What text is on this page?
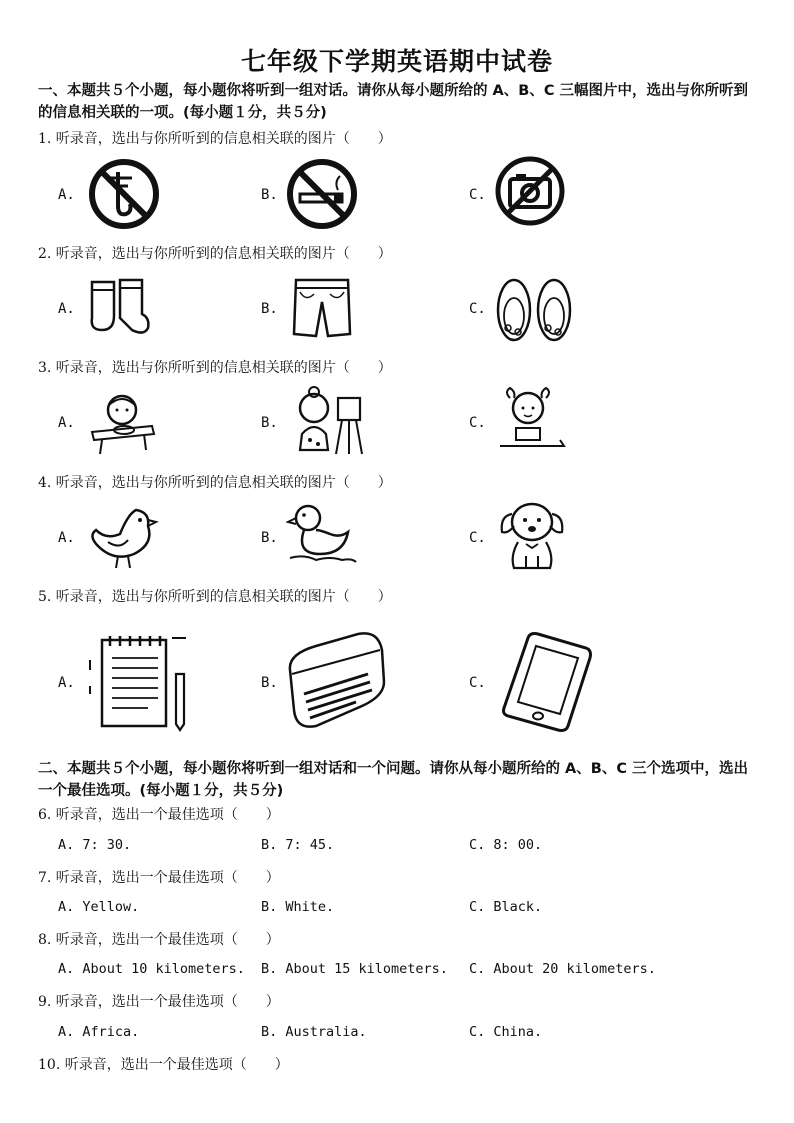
七年级下学期英语期中试卷
一、本题共５个小题，每小题你将听到一组对话。请你从每小题所给的 A、B、C 三幅图片中，选出与你所听到的信息相关联的一项。(每小题１分，共５分)
1. 听录音，选出与你所听到的信息相关联的图片（　　）
A.	B.	C.
2. 听录音，选出与你所听到的信息相关联的图片（　　）
A.	B.	C.
3. 听录音，选出与你所听到的信息相关联的图片（　　）
A.	B.	C.
4. 听录音，选出与你所听到的信息相关联的图片（　　）
A.	B.	C.
5. 听录音，选出与你所听到的信息相关联的图片（　　）
A.	B.	C.
二、本题共５个小题，每小题你将听到一组对话和一个问题。请你从每小题所给的 A、B、C 三个选项中，选出一个最佳选项。(每小题１分，共５分)
6. 听录音，选出一个最佳选项（　　）
A. 7: 30.	B. 7: 45.	C. 8: 00.
7. 听录音，选出一个最佳选项（　　）
A. Yellow.	B. White.	C. Black.
8. 听录音，选出一个最佳选项（　　）
A. About 10 kilometers. B. About 15 kilometers. C. About 20 kilometers.
9. 听录音，选出一个最佳选项（　　）
A. Africa.	B. Australia.	C. China.
10. 听录音，选出一个最佳选项（　　）
